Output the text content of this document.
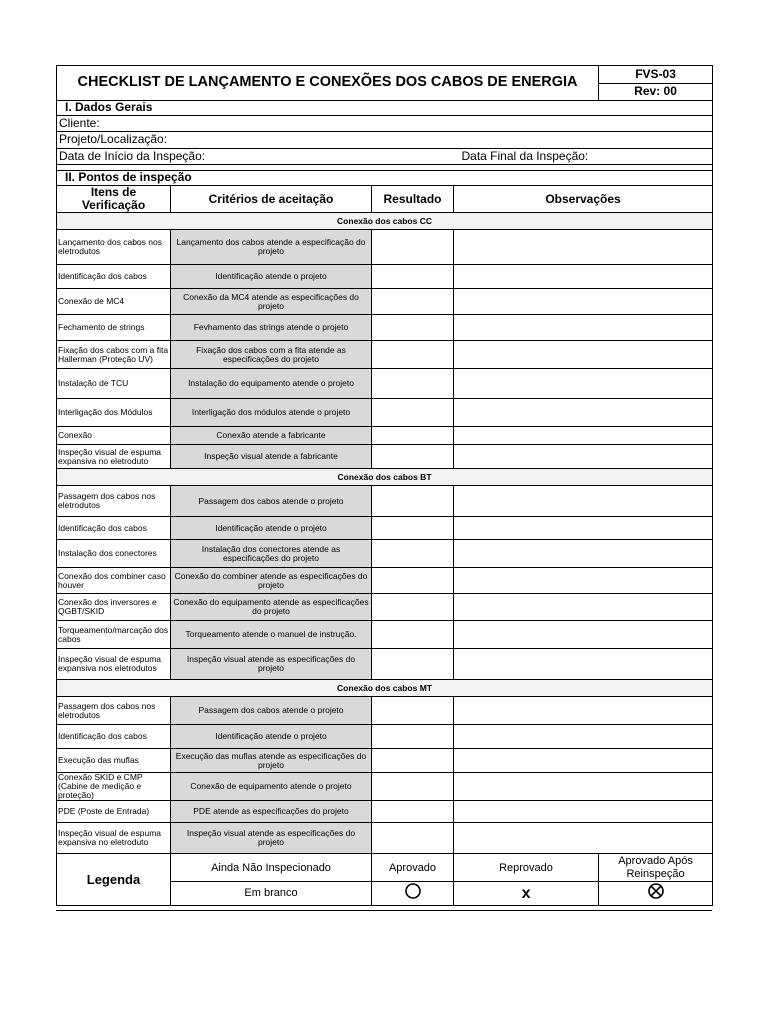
CHECKLIST DE LANÇAMENTO E CONEXÕES DOS CABOS DE ENERGIA				FVS-03
				Rev: 00
I. Dados Gerais				
Cliente:				
Projeto/Localização:				
Data de Início da Inspeção:			Data Final da Inspeção:	

II. Pontos de inspeção				
Itens de Verificação	Critérios de aceitação	Resultado	Observações	
Conexão dos cabos CC				
Lançamento dos cabos nos eletrodutos	Lançamento dos cabos atende a especificação do projeto			
Identificação dos cabos	Identificação atende o projeto			
Conexão de MC4	Conexão da MC4 atende as especificações do projeto			
Fechamento de strings	Fevhamento das strings atende o projeto			
Fixação dos cabos com a fita Hallerman (Proteção UV)	Fixação dos cabos com a fita atende as especificações do projeto			
Instalação de TCU	Instalação do equipamento atende o projeto			
Interligação dos Módulos	Interligação dos módulos atende o projeto			
Conexão	Conexão atende a fabricante			
Inspeção visual de espuma expansiva no eletroduto	Inspeção visual atende a fabricante			
Conexão dos cabos BT				
Passagem dos cabos nos eletrodutos	Passagem dos cabos atende o projeto			
Identificação dos cabos	Identificação atende o projeto			
Instalação dos conectores	Instalação dos conectores atende as especificações do projeto			
Conexão dos combiner caso houver	Conexão do combiner atende as especificações do projeto			
Conexão dos inversores e QGBT/SKID	Conexão do equipamento atende as especificações do projeto			
Torqueamento/marcação dos cabos	Torqueamento atende o manuel de instrução.			
Inspeção visual de espuma expansiva nos eletrodutos	Inspeção visual atende as especificações do projeto			
Conexão dos cabos MT				
Passagem dos cabos nos eletrodutos	Passagem dos cabos atende o projeto			
Identificação dos cabos	Identificação atende o projeto			
Execução das muflas	Execução das muflas atende as especificações do projeto			
Conexão SKID e CMP (Cabine de medição e proteção)	Conexão de equipamento atende o projeto			
PDE (Poste de Entrada)	PDE atende as especificações do projeto			
Inspeção visual de espuma expansiva no eletroduto	Inspeção visual atende as especificações do projeto			
Legenda	Ainda Não Inspecionado	Aprovado	Reprovado	Aprovado Após Reinspeção
	Em branco		x	
